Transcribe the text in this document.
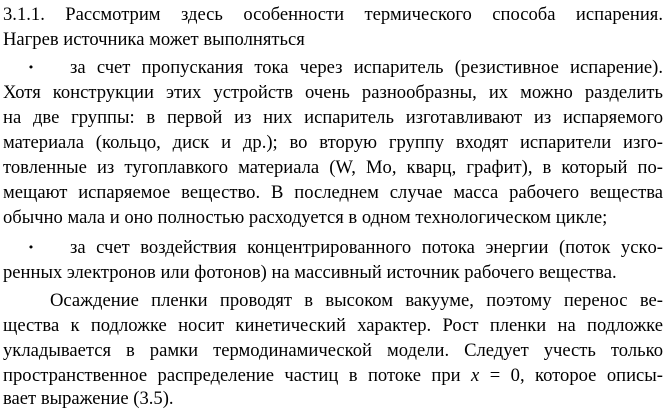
3.1.1. Рассмотрим здесь особенности термического способа испарения.

Нагрев источника может выполняться

• за счет пропускания тока через испаритель (резистивное испарение).

Хотя конструкции этих устройств очень разнообразны, их можно разделить

на две группы: в первой из них испаритель изготавливают из испаряемого

материала (кольцо, диск и др.); во вторую группу входят испарители изго-

товленные из тугоплавкого материала (W, Mo, кварц, графит), в который по-

мещают испаряемое вещество. В последнем случае масса рабочего вещества

обычно мала и оно полностью расходуется в одном технологическом цикле;

• за счет воздействия концентрированного потока энергии (поток ускo-

ренных электронов или фотонов) на массивный источник рабочего вещества.

Осаждение пленки проводят в высоком вакууме, поэтому перенос ве-

щества к подложке носит кинетический характер. Рост пленки на подложке

укладывается в рамки термодинамической модели. Следует учесть только

пространственное распределение частиц в потоке при x = 0, которое описы-

вает выражение (3.5).
